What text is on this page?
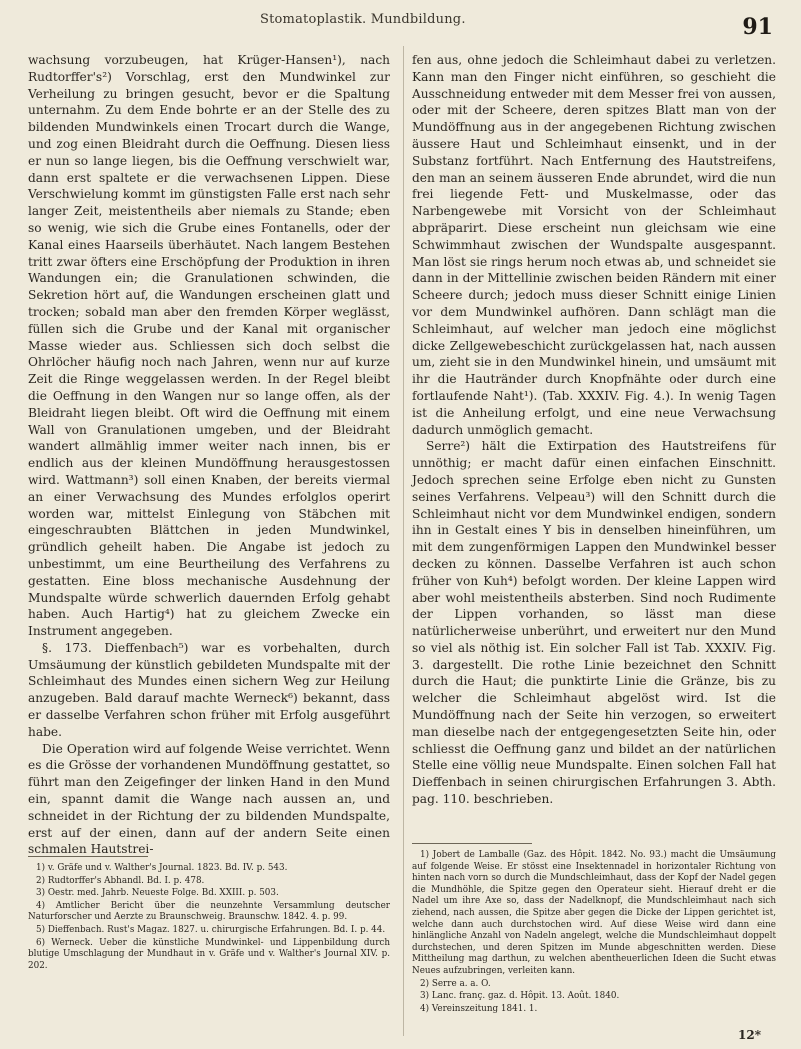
Stomatoplastik. Mundbildung.	91

wachsung vorzubeugen, hat Krüger-Hansen¹), nach Rudtorffer's²) Vorschlag, erst den Mundwinkel zur Verheilung zu bringen gesucht, bevor er die Spaltung unternahm. Zu dem Ende bohrte er an der Stelle des zu bildenden Mundwinkels einen Trocart durch die Wange, und zog einen Bleidraht durch die Oeffnung. Diesen liess er nun so lange liegen, bis die Oeffnung verschwielt war, dann erst spaltete er die verwachsenen Lippen. Diese Verschwielung kommt im günstigsten Falle erst nach sehr langer Zeit, meistentheils aber niemals zu Stande; eben so wenig, wie sich die Grube eines Fontanells, oder der Kanal eines Haarseils überhäutet. Nach langem Bestehen tritt zwar öfters eine Erschöpfung der Produktion in ihren Wandungen ein; die Granulationen schwinden, die Sekretion hört auf, die Wandungen erscheinen glatt und trocken; sobald man aber den fremden Körper weglässt, füllen sich die Grube und der Kanal mit organischer Masse wieder aus. Schliessen sich doch selbst die Ohrlöcher häufig noch nach Jahren, wenn nur auf kurze Zeit die Ringe weggelassen werden. In der Regel bleibt die Oeffnung in den Wangen nur so lange offen, als der Bleidraht liegen bleibt. Oft wird die Oeffnung mit einem Wall von Granulationen umgeben, und der Bleidraht wandert allmählig immer weiter nach innen, bis er endlich aus der kleinen Mundöffnung herausgestossen wird. Wattmann³) soll einen Knaben, der bereits viermal an einer Verwachsung des Mundes erfolglos operirt worden war, mittelst Einlegung von Stäbchen mit eingeschraubten Blättchen in jeden Mundwinkel, gründlich geheilt haben. Die Angabe ist jedoch zu unbestimmt, um eine Beurtheilung des Verfahrens zu gestatten. Eine bloss mechanische Ausdehnung der Mundspalte würde schwerlich dauernden Erfolg gehabt haben. Auch Hartig⁴) hat zu gleichem Zwecke ein Instrument angegeben.

§. 173. Dieffenbach⁵) war es vorbehalten, durch Umsäumung der künstlich gebildeten Mundspalte mit der Schleimhaut des Mundes einen sichern Weg zur Heilung anzugeben. Bald darauf machte Werneck⁶) bekannt, dass er dasselbe Verfahren schon früher mit Erfolg ausgeführt habe.

Die Operation wird auf folgende Weise verrichtet. Wenn es die Grösse der vorhandenen Mundöffnung gestattet, so führt man den Zeigefinger der linken Hand in den Mund ein, spannt damit die Wange nach aussen an, und schneidet in der Richtung der zu bildenden Mundspalte, erst auf der einen, dann auf der andern Seite einen schmalen Hautstrei-

fen aus, ohne jedoch die Schleimhaut dabei zu verletzen. Kann man den Finger nicht einführen, so geschieht die Ausschneidung entweder mit dem Messer frei von aussen, oder mit der Scheere, deren spitzes Blatt man von der Mundöffnung aus in der angegebenen Richtung zwischen äussere Haut und Schleimhaut einsenkt, und in der Substanz fortführt. Nach Entfernung des Hautstreifens, den man an seinem äusseren Ende abrundet, wird die nun frei liegende Fett- und Muskelmasse, oder das Narbengewebe mit Vorsicht von der Schleimhaut abpräparirt. Diese erscheint nun gleichsam wie eine Schwimmhaut zwischen der Wundspalte ausgespannt. Man löst sie rings herum noch etwas ab, und schneidet sie dann in der Mittellinie zwischen beiden Rändern mit einer Scheere durch; jedoch muss dieser Schnitt einige Linien vor dem Mundwinkel aufhören. Dann schlägt man die Schleimhaut, auf welcher man jedoch eine möglichst dicke Zellgewebeschicht zurückgelassen hat, nach aussen um, zieht sie in den Mundwinkel hinein, und umsäumt mit ihr die Hautränder durch Knopfnähte oder durch eine fortlaufende Naht¹). (Tab. XXXIV. Fig. 4.). In wenig Tagen ist die Anheilung erfolgt, und eine neue Verwachsung dadurch unmöglich gemacht.

Serre²) hält die Extirpation des Hautstreifens für unnöthig; er macht dafür einen einfachen Einschnitt. Jedoch sprechen seine Erfolge eben nicht zu Gunsten seines Verfahrens. Velpeau³) will den Schnitt durch die Schleimhaut nicht vor dem Mundwinkel endigen, sondern ihn in Gestalt eines Y bis in denselben hineinführen, um mit dem zungenförmigen Lappen den Mundwinkel besser decken zu können. Dasselbe Verfahren ist auch schon früher von Kuh⁴) befolgt worden. Der kleine Lappen wird aber wohl meistentheils absterben. Sind noch Rudimente der Lippen vorhanden, so lässt man diese natürlicherweise unberührt, und erweitert nur den Mund so viel als nöthig ist. Ein solcher Fall ist Tab. XXXIV. Fig. 3. dargestellt. Die rothe Linie bezeichnet den Schnitt durch die Haut; die punktirte Linie die Gränze, bis zu welcher die Schleimhaut abgelöst wird. Ist die Mundöffnung nach der Seite hin verzogen, so erweitert man dieselbe nach der entgegengesetzten Seite hin, oder schliesst die Oeffnung ganz und bildet an der natürlichen Stelle eine völlig neue Mundspalte. Einen solchen Fall hat Dieffenbach in seinen chirurgischen Erfahrungen 3. Abth. pag. 110. beschrieben.

1) v. Gräfe und v. Walther's Journal. 1823. Bd. IV. p. 543.

2) Rudtorffer's Abhandl. Bd. I. p. 478.

3) Oestr. med. Jahrb. Neueste Folge. Bd. XXIII. p. 503.

4) Amtlicher Bericht über die neunzehnte Versammlung deutscher Naturforscher und Aerzte zu Braunschweig. Braunschw. 1842. 4. p. 99.

5) Dieffenbach. Rust's Magaz. 1827. u. chirurgische Erfahrungen. Bd. I. p. 44.

6) Werneck. Ueber die künstliche Mundwinkel- und Lippenbildung durch blutige Umschlagung der Mundhaut in v. Gräfe und v. Walther's Journal XIV. p. 202.

1) Jobert de Lamballe (Gaz. des Hôpit. 1842. No. 93.) macht die Umsäumung auf folgende Weise. Er stösst eine Insektennadel in horizontaler Richtung von hinten nach vorn so durch die Mundschleimhaut, dass der Kopf der Nadel gegen die Mundhöhle, die Spitze gegen den Operateur sieht. Hierauf dreht er die Nadel um ihre Axe so, dass der Nadelknopf, die Mundschleimhaut nach sich ziehend, nach aussen, die Spitze aber gegen die Dicke der Lippen gerichtet ist, welche dann auch durchstochen wird. Auf diese Weise wird dann eine hinlängliche Anzahl von Nadeln angelegt, welche die Mundschleimhaut doppelt durchstechen, und deren Spitzen im Munde abgeschnitten werden. Diese Mittheilung mag darthun, zu welchen abentheuerlichen Ideen die Sucht etwas Neues aufzubringen, verleiten kann.

2) Serre a. a. O.

3) Lanc. franç. gaz. d. Hôpit. 13. Août. 1840.

4) Vereinszeitung 1841. 1.

12*
